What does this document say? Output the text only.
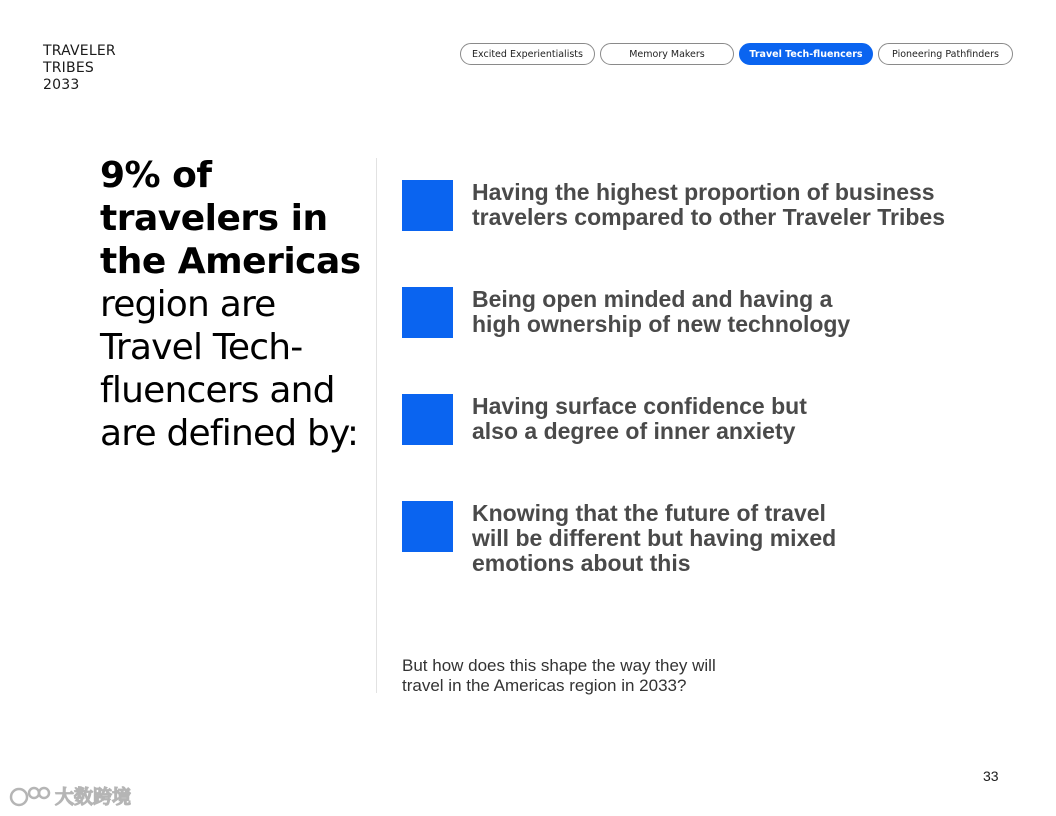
TRAVELER
TRIBES
2033
Excited Experientialists	Memory Makers	Travel Tech-fluencers	Pioneering Pathfinders
9% of
travelers in
the Americas
region are
Travel Tech-
fluencers and
are defined by:
Having the highest proportion of business
travelers compared to other Traveler Tribes
Being open minded and having a
high ownership of new technology
Having surface confidence but
also a degree of inner anxiety
Knowing that the future of travel
will be different but having mixed
emotions about this
But how does this shape the way they will
travel in the Americas region in 2033?
33
大数跨境
